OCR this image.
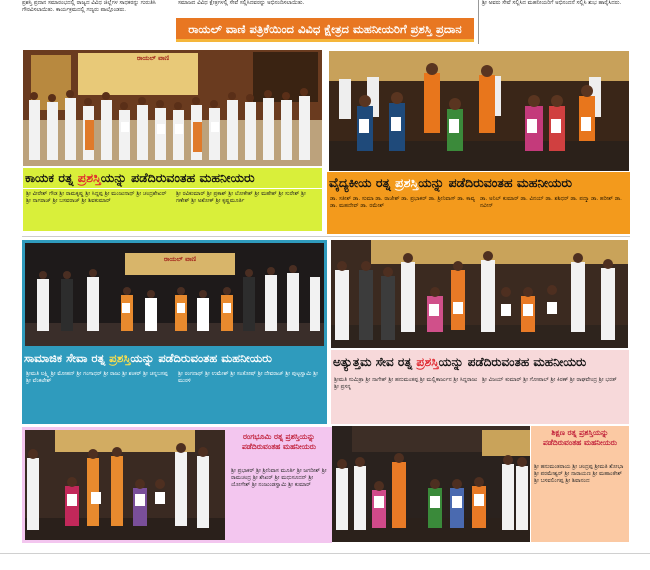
ಪ್ರಶಸ್ತಿ ಪ್ರದಾನ ಸಮಾರಂಭದಲ್ಲಿ ರಾಜ್ಯದ ವಿವಿಧ ಜಿಲ್ಲೆಗಳ ಸಾಧಕರನ್ನು ಗುರುತಿಸಿ ಗೌರವಿಸಲಾಯಿತು. ಕಾರ್ಯಕ್ರಮದಲ್ಲಿ ಗಣ್ಯರು ಪಾಲ್ಗೊಂಡರು.
ಸಮಾಜದ ವಿವಿಧ ಕ್ಷೇತ್ರಗಳಲ್ಲಿ ಸೇವೆ ಸಲ್ಲಿಸಿದವರನ್ನು ಅಭಿನಂದಿಸಲಾಯಿತು.	ಶ್ರೀ ಅವರು ಸೇವೆ ಸಲ್ಲಿಸಿದ ಮಹನೀಯರಿಗೆ ಅಭಿನಂದನೆ ಸಲ್ಲಿಸಿ ಶುಭ ಹಾರೈಸಿದರು.
ರಾಯಲ್ ವಾಣಿ ಪತ್ರಿಕೆಯಿಂದ ವಿವಿಧ ಕ್ಷೇತ್ರದ ಮಹನೀಯರಿಗೆ ಪ್ರಶಸ್ತಿ ಪ್ರದಾನ
ರಾಯಲ್ ವಾಣಿ
ಕಾಯಕ ರತ್ನ ಪ್ರಶಸ್ತಿಯನ್ನು ಪಡೆದಿರುವಂತಹ ಮಹನೀಯರು
ಶ್ರೀ ವೀರೇಶ್ ಗೌಡ ಶ್ರೀ ರಾಮಕೃಷ್ಣ ಶ್ರೀ ಸಿದ್ದಪ್ಪ ಶ್ರೀ ಮಂಜುನಾಥ್ ಶ್ರೀ ಚಂದ್ರಶೇಖರ್ ಶ್ರೀ ನಾಗರಾಜ್ ಶ್ರೀ ಬಸವರಾಜ್ ಶ್ರೀ ಶಿವಕುಮಾರ್
ಶ್ರೀ ರವಿಕುಮಾರ್ ಶ್ರೀ ಪ್ರಕಾಶ್ ಶ್ರೀ ಲೋಕೇಶ್ ಶ್ರೀ ಮಹೇಶ್ ಶ್ರೀ ಸುರೇಶ್ ಶ್ರೀ ಗಣೇಶ್ ಶ್ರೀ ಅಶೋಕ್ ಶ್ರೀ ಕೃಷ್ಣಮೂರ್ತಿ
ವೈದ್ಯಕೀಯ ರತ್ನ ಪ್ರಶಸ್ತಿಯನ್ನು ಪಡೆದಿರುವಂತಹ ಮಹನೀಯರು
ಡಾ. ಸತೀಶ್ ಡಾ. ಸುಮಾ ಡಾ. ರಾಜೇಶ್ ಡಾ. ಪ್ರಭಾಕರ್ ಡಾ. ಶ್ರೀನಿವಾಸ್ ಡಾ. ಕಾವ್ಯ ಡಾ. ಮಹದೇವ್ ಡಾ. ರಮೇಶ್
ಡಾ. ಅನಿಲ್ ಕುಮಾರ್ ಡಾ. ವಿನಯ್ ಡಾ. ಶಶಿಧರ್ ಡಾ. ಪದ್ಮಾ ಡಾ. ಹರೀಶ್ ಡಾ. ನವೀನ್
ರಾಯಲ್ ವಾಣಿ
ಸಾಮಾಜಿಕ ಸೇವಾ ರತ್ನ ಪ್ರಶಸ್ತಿಯನ್ನು ಪಡೆದಿರುವಂತಹ ಮಹನೀಯರು
ಶ್ರೀಮತಿ ಲಕ್ಷ್ಮಿ ಶ್ರೀ ಮೋಹನ್ ಶ್ರೀ ಗಂಗಾಧರ್ ಶ್ರೀ ರಾಜು ಶ್ರೀ ಶಂಕರ್ ಶ್ರೀ ಚನ್ನಬಸಪ್ಪ ಶ್ರೀ ವೆಂಕಟೇಶ್
ಶ್ರೀ ರಂಗನಾಥ್ ಶ್ರೀ ಉಮೇಶ್ ಶ್ರೀ ಸಂತೋಷ್ ಶ್ರೀ ದೇವರಾಜ್ ಶ್ರೀ ಪುಟ್ಟಸ್ವಾಮಿ ಶ್ರೀ ಮುರಳಿ
ಅತ್ಯುತ್ತಮ ಸೇವ ರತ್ನ ಪ್ರಶಸ್ತಿಯನ್ನು ಪಡೆದಿರುವಂತಹ ಮಹನೀಯರು
ಶ್ರೀಮತಿ ಸುಮಿತ್ರಾ ಶ್ರೀ ನಾಗೇಶ್ ಶ್ರೀ ಹನುಮಂತಪ್ಪ ಶ್ರೀ ಮಲ್ಲಿಕಾರ್ಜುನ ಶ್ರೀ ಸಿದ್ದರಾಜು ಶ್ರೀ ಪ್ರಸನ್ನ
ಶ್ರೀ ವಿಜಯ್ ಕುಮಾರ್ ಶ್ರೀ ಗೋಪಾಲ್ ಶ್ರೀ ಕಿರಣ್ ಶ್ರೀ ರಾಘವೇಂದ್ರ ಶ್ರೀ ಭರತ್
ರಂಗಭೂಮಿ ರತ್ನ ಪ್ರಶಸ್ತಿಯನ್ನು ಪಡೆದಿರುವಂತಹ ಮಹನೀಯರು
ಶ್ರೀ ಪ್ರಭಾಕರ್ ಶ್ರೀ ಶ್ರೀನಿವಾಸ ಮೂರ್ತಿ ಶ್ರೀ ಜಗದೀಶ್ ಶ್ರೀ ರಾಮಚಂದ್ರ ಶ್ರೀ ಶೇಖರ್ ಶ್ರೀ ಮಧುಸೂದನ್ ಶ್ರೀ ಯೋಗೇಶ್ ಶ್ರೀ ನಂಜುಂಡಸ್ವಾಮಿ ಶ್ರೀ ಕುಮಾರ್
ಶಿಕ್ಷಣ ರತ್ನ ಪ್ರಶಸ್ತಿಯನ್ನು ಪಡೆದಿರುವಂತಹ ಮಹನೀಯರು
ಶ್ರೀ ಹನುಮಂತರಾಯ ಶ್ರೀ ಚಂದ್ರಪ್ಪ ಶ್ರೀಮತಿ ಶೋಭಾ ಶ್ರೀ ಪರಮೇಶ್ವರ್ ಶ್ರೀ ನಾರಾಯಣ ಶ್ರೀ ಮಹಾಂತೇಶ್ ಶ್ರೀ ಬಸವಲಿಂಗಪ್ಪ ಶ್ರೀ ಶಿವಾನಂದ
